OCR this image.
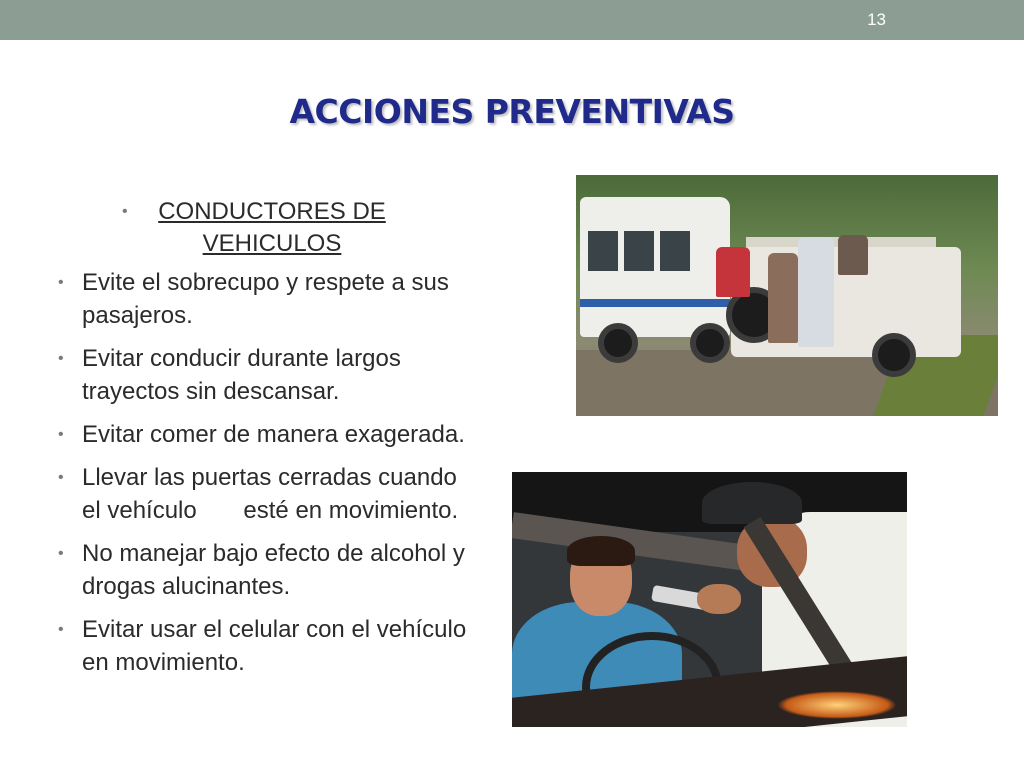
13
ACCIONES PREVENTIVAS
• CONDUCTORES DE VEHICULOS
• Evite el sobrecupo y respete a sus pasajeros.
• Evitar conducir durante largos trayectos sin descansar.
• Evitar comer de manera exagerada.
• Llevar las puertas cerradas cuando el vehículo       esté en movimiento.
• No manejar bajo efecto de alcohol y drogas alucinantes.
• Evitar usar el celular con el vehículo en movimiento.
